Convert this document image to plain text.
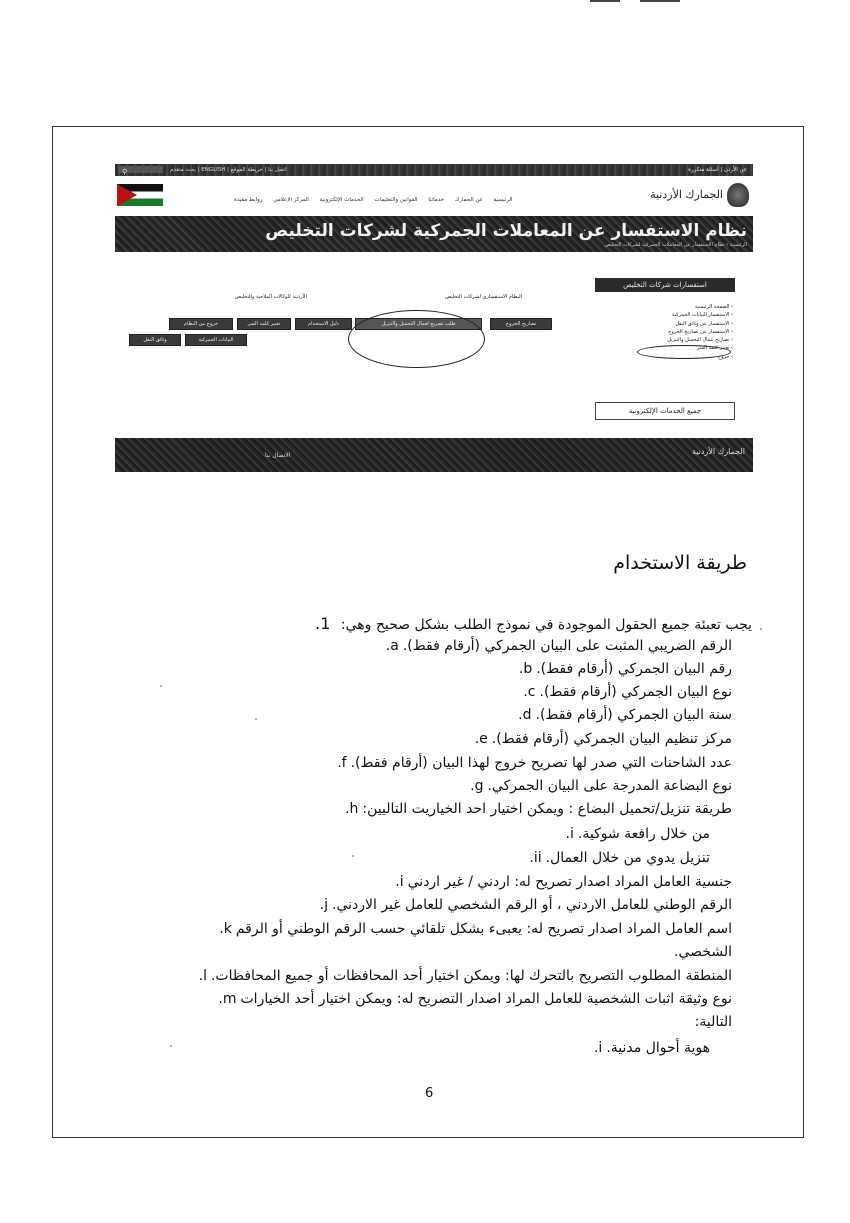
⚲	اتصل بنا | خريطة الموقع | ENGLISH | بحث متقدم	عن الأردن | أسئلة متكررة
الرئيسية عن الجمارك خدماتنا القوانين والتعليمات الخدمات الإلكترونية المركز الإعلامي روابط مفيدة	الجمارك الأردنية
نظام الاستفسار عن المعاملات الجمركية لشركات التخليص
الرئيسية › نظام الاستفسار عن المعاملات الجمركية لشركات التخليص
الأردنية للوكالات الملاحية والتخليص	النظام الاستفساري لشركات التخليص
تصاريح الخروج
طلب تصريح لعمال التحميل والتنزيل
دليل الاستخدام
تغيير كلمة السر
خروج من النظام
البيانات الجمركية
وثائق النقل
استفسارات شركات التخليص
› الصفحة الرئيسية
› الاستفسار البيانات الجمركية
› الاستفسار عن وثائق النقل
› الاستفسار عن تصاريح الخروج
› تصاريح عمال التحميل والتنزيل
› تغيير كلمة السر
› خروج
جميع الخدمات الإلكترونية
الاتصال بنا	الجمارك الأردنية
طريقة الاستخدام
يجب تعبئة جميع الحقول الموجودة في نموذج الطلب بشكل صحيح وهي: 1.
الرقم الضريبي المثبت على البيان الجمركي (أرقام فقط).a.
رقم البيان الجمركي (أرقام فقط).b.
نوع البيان الجمركي (أرقام فقط).c.
سنة البيان الجمركي (أرقام فقط).d.
مركز تنظيم البيان الجمركي (أرقام فقط).e.
عدد الشاحنات التي صدر لها تصريح خروج لهذا البيان (أرقام فقط).f.
نوع البضاعة المدرجة على البيان الجمركي.g.
طريقة تنزيل/تحميل البضاع : ويمكن اختيار احد الخياريت التاليين:h.
من خلال رافعة شوكية.i.
تنزيل يدوي من خلال العمال.ii.
جنسية العامل المراد اصدار تصريح له: اردني / غير اردنيi.
الرقم الوطني للعامل الاردني ، أو الرقم الشخصي للعامل غير الاردني.j.
اسم العامل المراد اصدار تصريح له: يعبىء بشكل تلقائي حسب الرقم الوطني أو الرقمk.
الشخصي.
المنطقة المطلوب التصريح بالتحرك لها: ويمكن اختيار أحد المحافظات أو جميع المحافظات.l.
نوع وثيقة اثبات الشخصية للعامل المراد اصدار التصريح له: ويمكن اختيار أحد الخياراتm.
التالية:
هوية أحوال مدنية.i.
6
